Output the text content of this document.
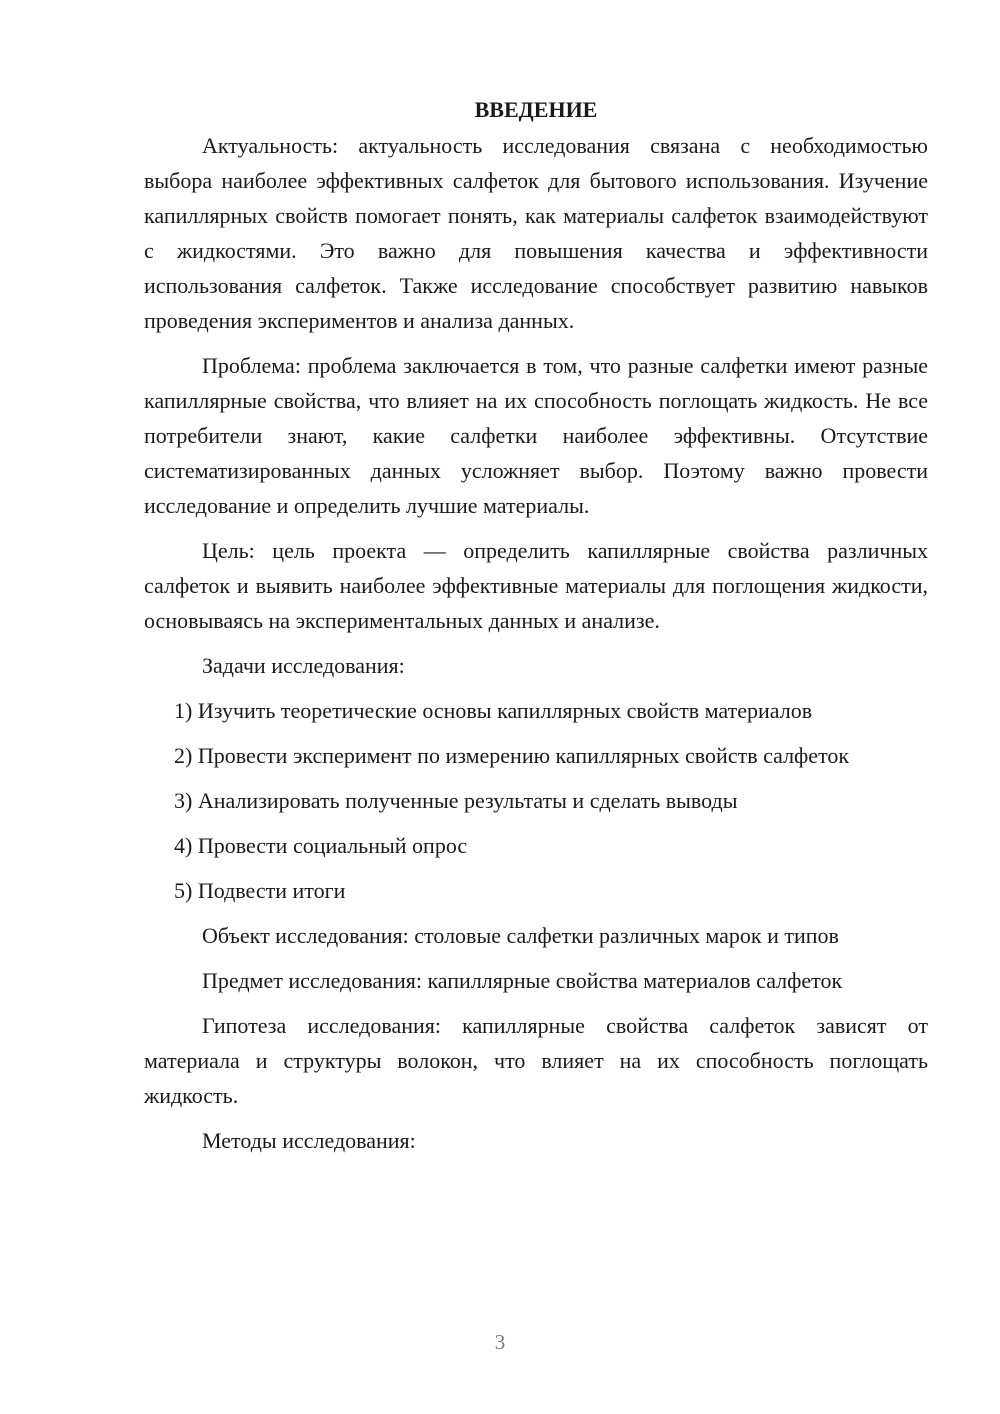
ВВЕДЕНИЕ

Актуальность: актуальность исследования связана с необходимостью выбора наиболее эффективных салфеток для бытового использования. Изучение капиллярных свойств помогает понять, как материалы салфеток взаимодействуют с жидкостями. Это важно для повышения качества и эффективности использования салфеток. Также исследование способствует развитию навыков проведения экспериментов и анализа данных.

Проблема: проблема заключается в том, что разные салфетки имеют разные капиллярные свойства, что влияет на их способность поглощать жидкость. Не все потребители знают, какие салфетки наиболее эффективны. Отсутствие систематизированных данных усложняет выбор. Поэтому важно провести исследование и определить лучшие материалы.

Цель: цель проекта — определить капиллярные свойства различных салфеток и выявить наиболее эффективные материалы для поглощения жидкости, основываясь на экспериментальных данных и анализе.

Задачи исследования:

1) Изучить теоретические основы капиллярных свойств материалов

2) Провести эксперимент по измерению капиллярных свойств салфеток

3) Анализировать полученные результаты и сделать выводы

4) Провести социальный опрос

5) Подвести итоги

Объект исследования: столовые салфетки различных марок и типов

Предмет исследования: капиллярные свойства материалов салфеток

Гипотеза исследования: капиллярные свойства салфеток зависят от материала и структуры волокон, что влияет на их способность поглощать жидкость.

Методы исследования:

3
